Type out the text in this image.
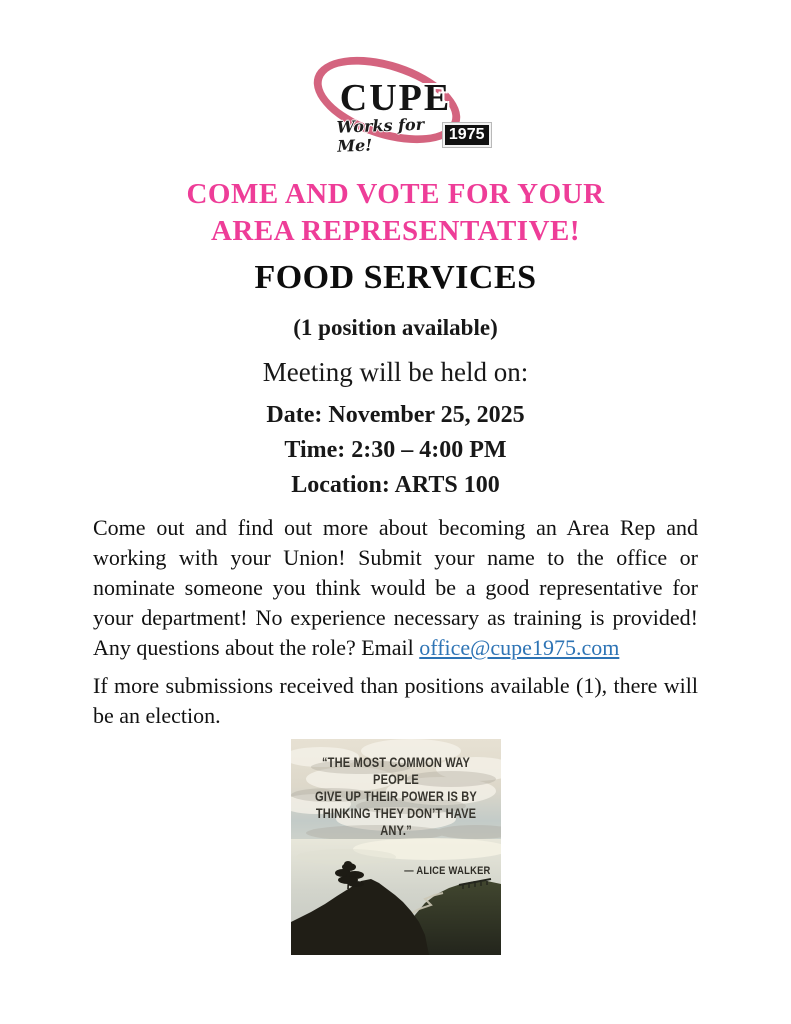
CUPE
Works for Me!
1975
COME AND VOTE FOR YOUR
AREA REPRESENTATIVE!
FOOD SERVICES
(1 position available)
Meeting will be held on:
Date: November 25, 2025
Time: 2:30 – 4:00 PM
Location: ARTS 100

Come out and find out more about becoming an Area Rep and working with your Union! Submit your name to the office or nominate someone you think would be a good representative for your department! No experience necessary as training is provided! Any questions about the role? Email office@cupe1975.com

If more submissions received than positions available (1), there will be an election.

“THE MOST COMMON WAY PEOPLE
GIVE UP THEIR POWER IS BY
THINKING THEY DON’T HAVE ANY.”
— ALICE WALKER
